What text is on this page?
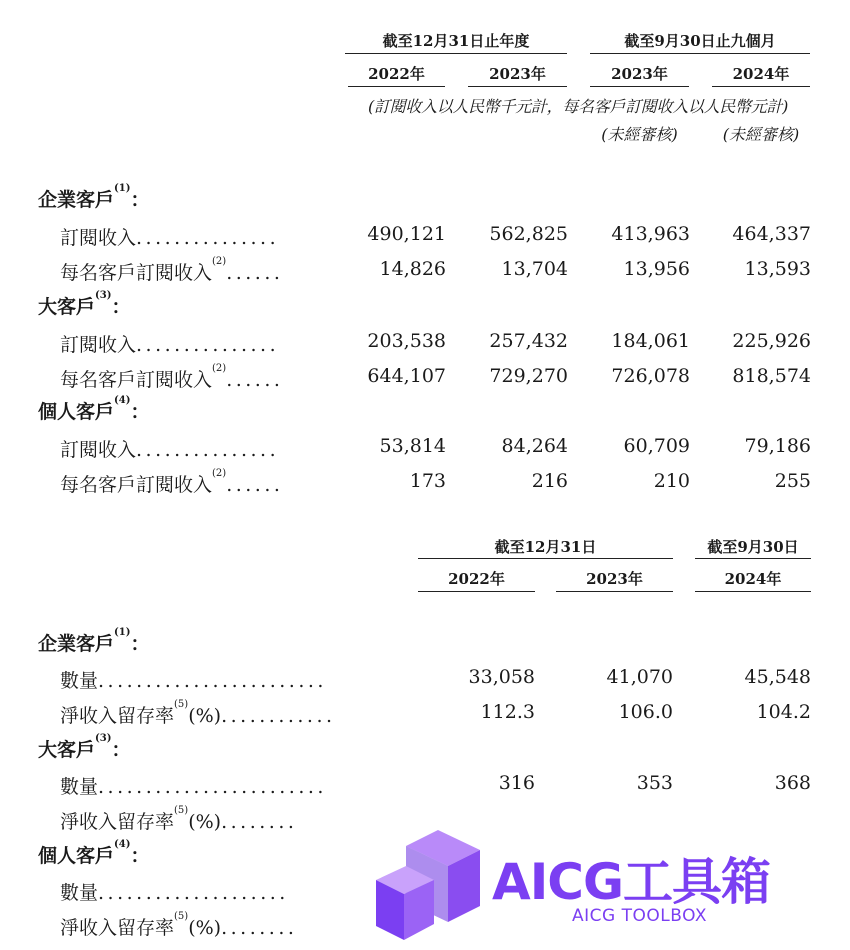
截至12月31日止年度	截至9月30日止九個月
2022年	2023年	2023年	2024年
(訂閱收入以人民幣千元計，每名客戶訂閱收入以人民幣元計)
(未經審核)	(未經審核)
企業客戶$^{(1)}$：
訂閱收入...............	490,121 562,825 413,963 464,337
每名客戶訂閱收入$^{(2)}$......	14,826	13,704	13,956	13,593
大客戶$^{(3)}$：
訂閱收入...............	203,538 257,432 184,061 225,926
每名客戶訂閱收入$^{(2)}$......	644,107 729,270 726,078 818,574
個人客戶$^{(4)}$：
訂閱收入...............	53,814	84,264	60,709	79,186
每名客戶訂閱收入$^{(2)}$......	173	216	210	255
截至12月31日	截至9月30日
2022年	2023年	2024年
企業客戶$^{(1)}$：
數量........................	33,058	41,070	45,548
淨收入留存率$^{(5)}$(%)............	112.3	106.0	104.2
大客戶$^{(3)}$：
數量........................	316	353	368
淨收入留存率$^{(5)}$(%)........
個人客戶$^{(4)}$：
數量....................
淨收入留存率$^{(5)}$(%)........
AICG工具箱
AICG TOOLBOX
